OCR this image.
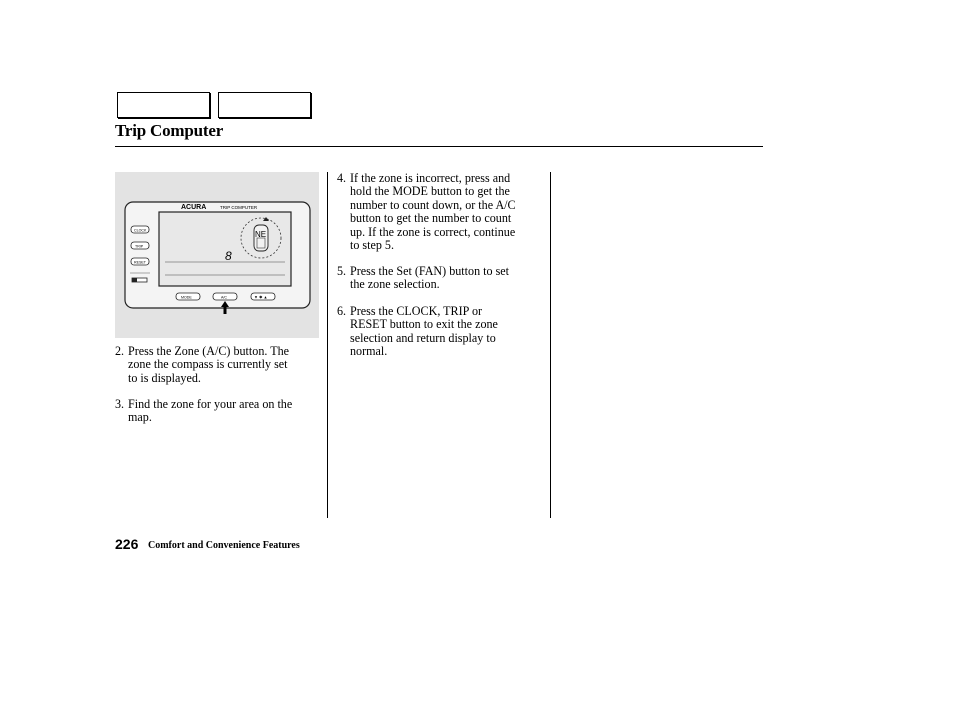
Trip Computer
ACURA	TRIP COMPUTER
8
NE
CLOCK
TRIP
RESET
MODE	A/C	▼ ✱ ▲
2. Press the Zone (A/C) button. The
zone the compass is currently set
to is displayed.
3. Find the zone for your area on the
map.
4. If the zone is incorrect, press and
hold the MODE button to get the
number to count down, or the A/C
button to get the number to count
up. If the zone is correct, continue
to step 5.
5. Press the Set (FAN) button to set
the zone selection.
6. Press the CLOCK, TRIP or
RESET button to exit the zone
selection and return display to
normal.
226 Comfort and Convenience Features
